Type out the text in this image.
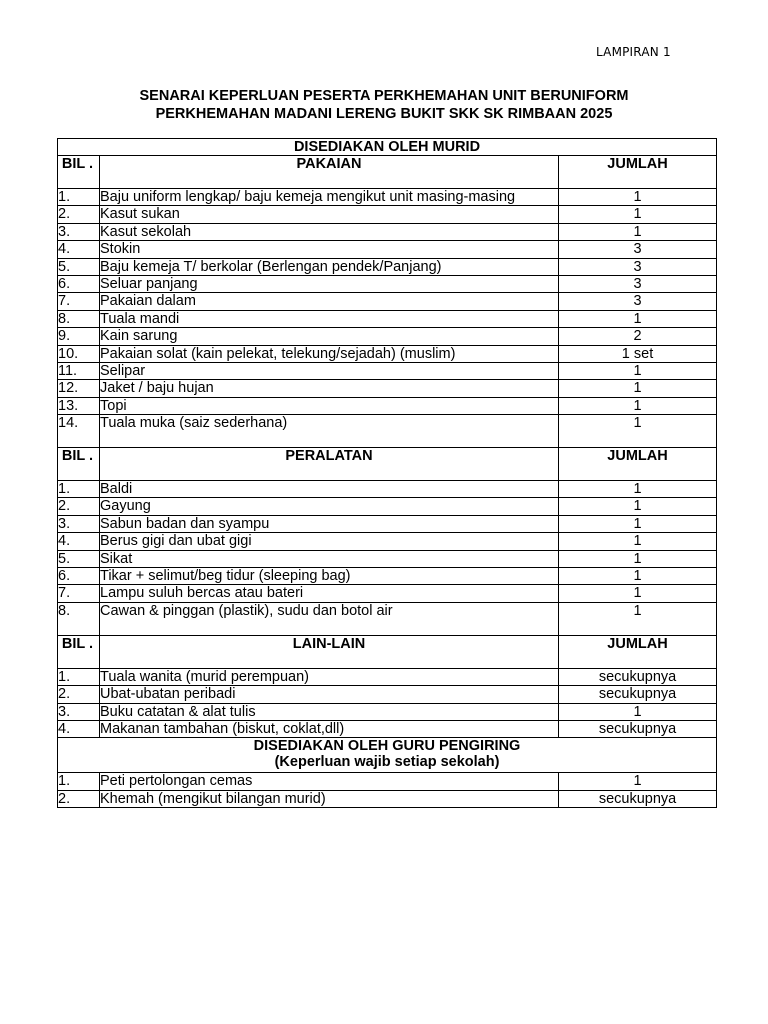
LAMPIRAN 1
SENARAI KEPERLUAN PESERTA PERKHEMAHAN UNIT BERUNIFORM
PERKHEMAHAN MADANI LERENG BUKIT SKK SK RIMBAAN 2025
DISEDIAKAN OLEH MURID		
BIL .	PAKAIAN	JUMLAH
1.	Baju uniform lengkap/ baju kemeja mengikut unit masing-masing	1
2.	Kasut sukan	1
3.	Kasut sekolah	1
4.	Stokin	3
5.	Baju kemeja T/ berkolar (Berlengan pendek/Panjang)	3
6.	Seluar panjang	3
7.	Pakaian dalam	3
8.	Tuala mandi	1
9.	Kain sarung	2
10.	Pakaian solat (kain pelekat, telekung/sejadah) (muslim)	1 set
11.	Selipar	1
12.	Jaket / baju hujan	1
13.	Topi	1
14.	Tuala muka (saiz sederhana)	1
BIL .	PERALATAN	JUMLAH
1.	Baldi	1
2.	Gayung	1
3.	Sabun badan dan syampu	1
4.	Berus gigi dan ubat gigi	1
5.	Sikat	1
6.	Tikar + selimut/beg tidur (sleeping bag)	1
7.	Lampu suluh bercas atau bateri	1
8.	Cawan & pinggan (plastik), sudu dan botol air	1
BIL .	LAIN-LAIN	JUMLAH
1.	Tuala wanita (murid perempuan)	secukupnya
2.	Ubat-ubatan peribadi	secukupnya
3.	Buku catatan & alat tulis	1
4.	Makanan tambahan (biskut, coklat,dll)	secukupnya

DISEDIAKAN OLEH GURU PENGIRING
(Keperluan wajib setiap sekolah)		

1.	Peti pertolongan cemas	1
2.	Khemah (mengikut bilangan murid)	secukupnya
